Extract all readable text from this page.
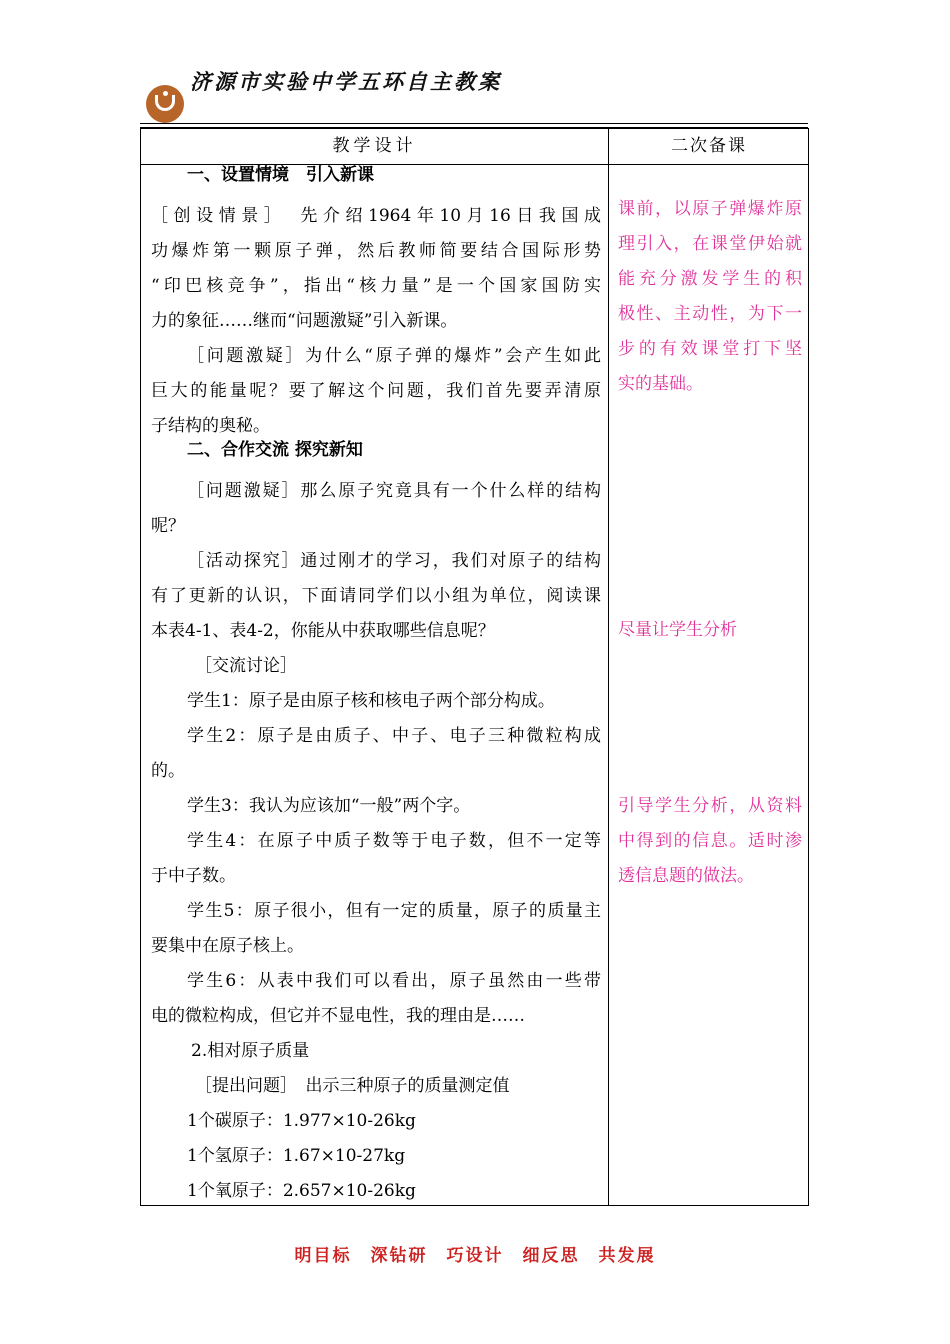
济源市实验中学五环自主教案
教学设计	二次备课
一、设置情境　引入新课
［创设情景］　先介绍1964年10月16日我国成
功爆炸第一颗原子弹，然后教师简要结合国际形势
“印巴核竞争”，指出“核力量”是一个国家国防实
力的象征……继而“问题激疑”引入新课。
［问题激疑］为什么“原子弹的爆炸”会产生如此
巨大的能量呢？要了解这个问题，我们首先要弄清原
子结构的奥秘。
二、合作交流 探究新知
［问题激疑］那么原子究竟具有一个什么样的结构
呢？
［活动探究］通过刚才的学习，我们对原子的结构
有了更新的认识，下面请同学们以小组为单位，阅读课
本表4-1、表4-2，你能从中获取哪些信息呢？
［交流讨论］
学生1：原子是由原子核和核电子两个部分构成。
学生2：原子是由质子、中子、电子三种微粒构成
的。
学生3：我认为应该加“一般”两个字。
学生4：在原子中质子数等于电子数，但不一定等
于中子数。
学生5：原子很小，但有一定的质量，原子的质量主
要集中在原子核上。
学生6：从表中我们可以看出，原子虽然由一些带
电的微粒构成，但它并不显电性，我的理由是……
2.相对原子质量
［提出问题］　出示三种原子的质量测定值
1个碳原子：1.977×10-26kg
1个氢原子：1.67×10-27kg
1个氧原子：2.657×10-26kg
课前，以原子弹爆炸原
理引入，在课堂伊始就
能充分激发学生的积
极性、主动性，为下一
步的有效课堂打下坚
实的基础。
尽量让学生分析
引导学生分析，从资料
中得到的信息。适时渗
透信息题的做法。
明目标　深钻研　巧设计　细反思　共发展
